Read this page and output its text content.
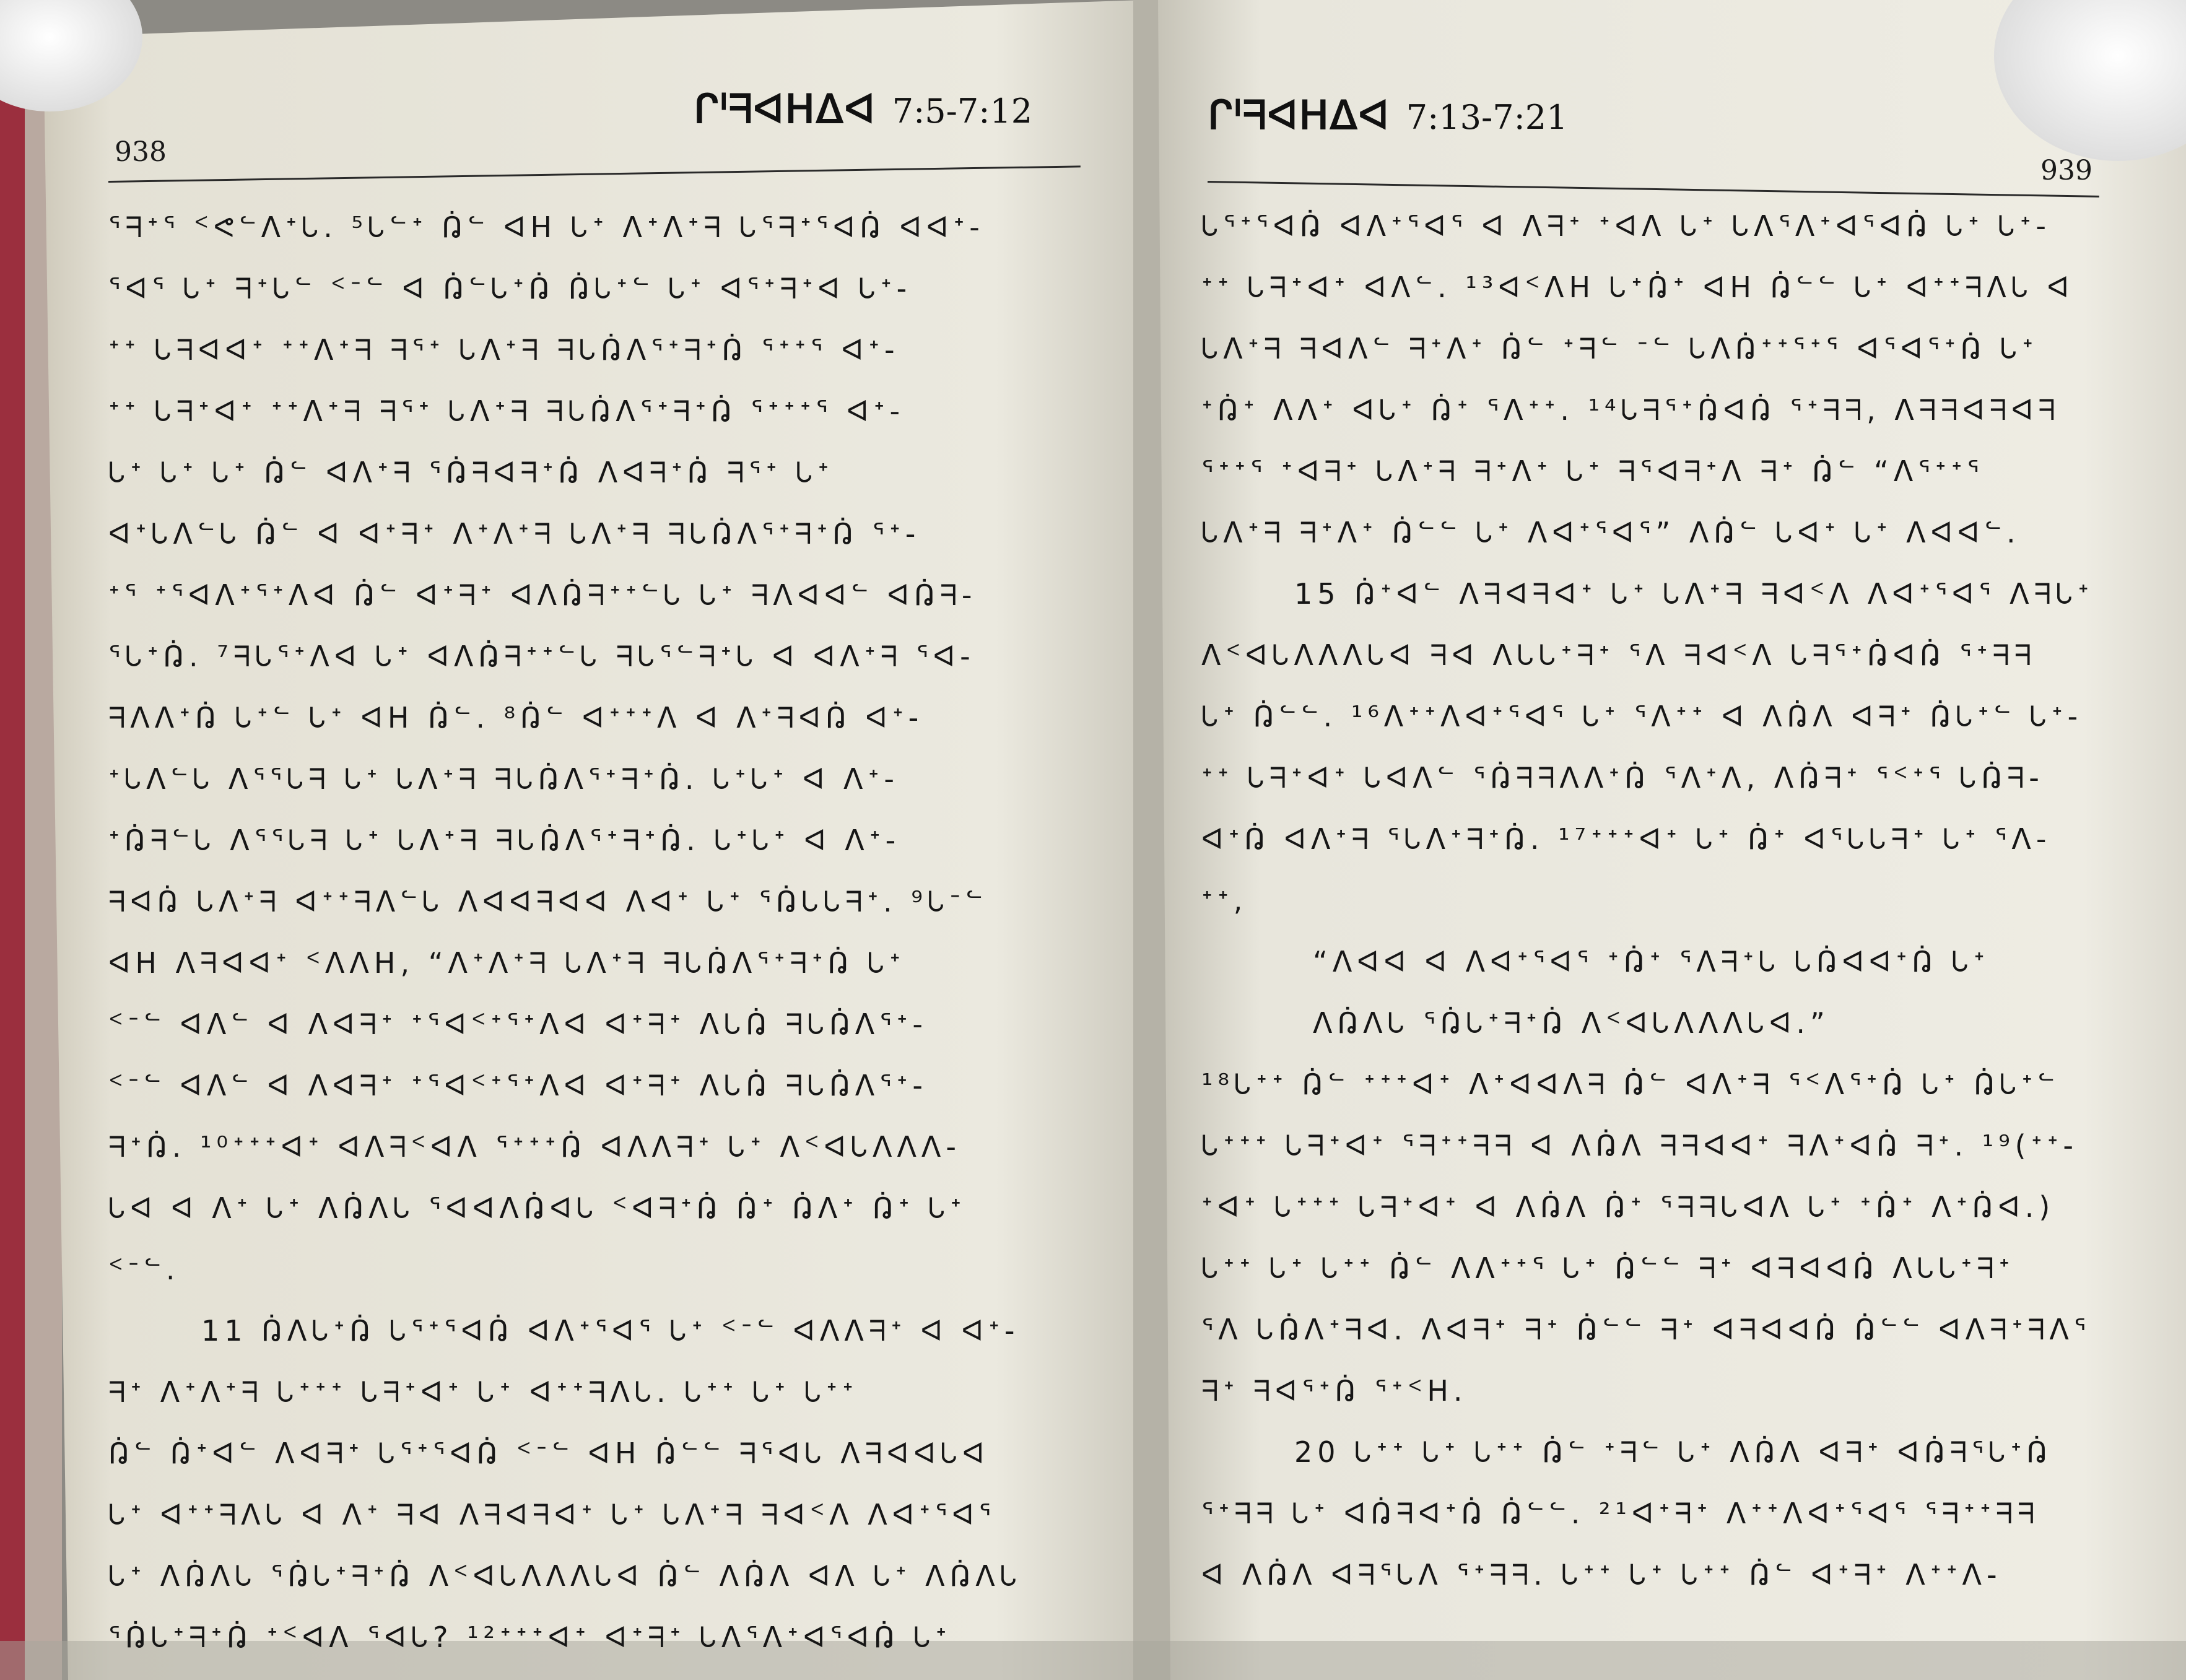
ᒋᑊᖷᐊᕼᐃᐊ 7:5-7:12
938
ᒋᑊᖷᐊᕼᐃᐊ 7:13-7:21
939
ᕐᖷᐩᕐ ᑉᕙᓪᐱᐩᘂ. ⁵ᘂᓪᐩ ᕣᓪ ᐊᕼ ᘂᐩ ᐱᐩᐱᐩᖷ ᘂᕐᖷᐩᕐᐊᕣ ᐊᐊᐩ-
ᕐᐊᕐ ᘂᐩ ᖷᐩᘂᓪ ᑉᐨᓪ ᐊ ᕣᓪᘂᐩᕣ ᕣᘂᐩᓪ ᘂᐩ ᐊᕐᐩᖷᐩᐊ ᘂᐩ-
ᐩᐩ ᘂᖷᐊᐊᐩ ᐩᐩᐱᐩᖷ ᖷᕐᐩ ᘂᐱᐩᖷ ᖷᘂᕣᐱᕐᐩᖷᐩᕣ ᕐᐩᐩᕐ ᐊᐩ-
ᐩᐩ ᘂᖷᐩᐊᐩ ᐩᐩᐱᐩᖷ ᖷᕐᐩ ᘂᐱᐩᖷ ᖷᘂᕣᐱᕐᐩᖷᐩᕣ ᕐᐩᐩᐩᕐ ᐊᐩ-
ᘂᐩ ᘂᐩ ᘂᐩ ᕣᓪ ᐊᐱᐩᖷ ᕐᕣᖷᐊᖷᐩᕣ ᐱᐊᖷᐩᕣ ᖷᕐᐩ ᘂᐩ
ᐊᐩᘂᐱᓪᘂ ᕣᓪ ᐊ ᐊᐩᖷᐩ ᐱᐩᐱᐩᖷ ᘂᐱᐩᖷ ᖷᘂᕣᐱᕐᐩᖷᐩᕣ ᕐᐩ-
ᐩᕐ ᐩᕐᐊᐱᐩᕐᐩᐱᐊ ᕣᓪ ᐊᐩᖷᐩ ᐊᐱᕣᖷᐩᐩᓪᘂ ᘂᐩ ᖷᐱᐊᐊᓪ ᐊᕣᖷ-
ᕐᘂᐩᕣ. ⁷ᖷᘂᕐᐩᐱᐊ ᘂᐩ ᐊᐱᕣᖷᐩᐩᓪᘂ ᖷᘂᕐᓪᖷᐩᘂ ᐊ ᐊᐱᐩᖷ ᕐᐊ-
ᖷᐱᐱᐩᕣ ᘂᐩᓪ ᘂᐩ ᐊᕼ ᕣᓪ. ⁸ᕣᓪ ᐊᐩᐩᐩᐱ ᐊ ᐱᐩᖷᐊᕣ ᐊᐩ-
ᐩᘂᐱᓪᘂ ᐱᕐᕐᘂᖷ ᘂᐩ ᘂᐱᐩᖷ ᖷᘂᕣᐱᕐᐩᖷᐩᕣ. ᘂᐩᘂᐩ ᐊ ᐱᐩ-
ᐩᕣᖷᓪᘂ ᐱᕐᕐᘂᖷ ᘂᐩ ᘂᐱᐩᖷ ᖷᘂᕣᐱᕐᐩᖷᐩᕣ. ᘂᐩᘂᐩ ᐊ ᐱᐩ-
ᖷᐊᕣ ᘂᐱᐩᖷ ᐊᐩᐩᖷᐱᓪᘂ ᐱᐊᐊᖷᐊᐊ ᐱᐊᐩ ᘂᐩ ᕐᕣᘂᘂᖷᐩ. ⁹ᘂᐨᓪ
ᐊᕼ ᐱᖷᐊᐊᐩ ᑉᐱᐱᕼ, “ᐱᐩᐱᐩᖷ ᘂᐱᐩᖷ ᖷᘂᕣᐱᕐᐩᖷᐩᕣ ᘂᐩ
ᑉᐨᓪ ᐊᐱᓪ ᐊ ᐱᐊᖷᐩ ᐩᕐᐊᑉᐩᕐᐩᐱᐊ ᐊᐩᖷᐩ ᐱᘂᕣ ᖷᘂᕣᐱᕐᐩ-
ᑉᐨᓪ ᐊᐱᓪ ᐊ ᐱᐊᖷᐩ ᐩᕐᐊᑉᐩᕐᐩᐱᐊ ᐊᐩᖷᐩ ᐱᘂᕣ ᖷᘂᕣᐱᕐᐩ-
ᖷᐩᕣ. ¹⁰ᐩᐩᐩᐊᐩ ᐊᐱᖷᑉᐊᐱ ᕐᐩᐩᐩᕣ ᐊᐱᐱᖷᐩ ᘂᐩ ᐱᑉᐊᘂᐱᐱᐱ-
ᘂᐊ ᐊ ᐱᐩ ᘂᐩ ᐱᕣᐱᘂ ᕐᐊᐊᐱᕣᐊᘂ ᑉᐊᖷᐩᕣ ᕣᐩ ᕣᐱᐩ ᕣᐩ ᘂᐩ
ᑉᐨᓪ.
11 ᕣᐱᘂᐩᕣ ᘂᕐᐩᕐᐊᕣ ᐊᐱᐩᕐᐊᕐ ᘂᐩ ᑉᐨᓪ ᐊᐱᐱᖷᐩ ᐊ ᐊᐩ-
ᖷᐩ ᐱᐩᐱᐩᖷ ᘂᐩᐩᐩ ᘂᖷᐩᐊᐩ ᘂᐩ ᐊᐩᐩᖷᐱᘂ. ᘂᐩᐩ ᘂᐩ ᘂᐩᐩ
ᕣᓪ ᕣᐩᐊᓪ ᐱᐊᖷᐩ ᘂᕐᐩᕐᐊᕣ ᑉᐨᓪ ᐊᕼ ᕣᓪᓪ ᖷᕐᐊᘂ ᐱᖷᐊᐊᘂᐊ
ᘂᐩ ᐊᐩᐩᖷᐱᘂ ᐊ ᐱᐩ ᖷᐊ ᐱᖷᐊᖷᐊᐩ ᘂᐩ ᘂᐱᐩᖷ ᖷᐊᑉᐱ ᐱᐊᐩᕐᐊᕐ
ᘂᐩ ᐱᕣᐱᘂ ᕐᕣᘂᐩᖷᐩᕣ ᐱᑉᐊᘂᐱᐱᐱᘂᐊ ᕣᓪ ᐱᕣᐱ ᐊᐱ ᘂᐩ ᐱᕣᐱᘂ
ᕐᕣᘂᐩᖷᐩᕣ ᐩᑉᐊᐱ ᕐᐊᘂ? ¹²ᐩᐩᐩᐊᐩ ᐊᐩᖷᐩ ᘂᐱᕐᐱᐩᐊᕐᐊᕣ ᘂᐩ
ᘂᕐᐩᕐᐊᕣ ᐊᐱᐩᕐᐊᕐ ᐊ ᐱᖷᐩ ᐩᐊᐱ ᘂᐩ ᘂᐱᕐᐱᐩᐊᕐᐊᕣ ᘂᐩ ᘂᐩ-
ᐩᐩ ᘂᖷᐩᐊᐩ ᐊᐱᓪ. ¹³ᐊᑉᐱᕼ ᘂᐩᕣᐩ ᐊᕼ ᕣᓪᓪ ᘂᐩ ᐊᐩᐩᖷᐱᘂ ᐊ
ᘂᐱᐩᖷ ᖷᐊᐱᓪ ᖷᐩᐱᐩ ᕣᓪ ᐩᖷᓪ ᐨᓪ ᘂᐱᕣᐩᐩᕐᐩᕐ ᐊᕐᐊᕐᐩᕣ ᘂᐩ
ᐩᕣᐩ ᐱᐱᐩ ᐊᘂᐩ ᕣᐩ ᕐᐱᐩᐩ. ¹⁴ᘂᖷᕐᐩᕣᐊᕣ ᕐᐩᖷᖷ, ᐱᖷᖷᐊᖷᐊᖷ
ᕐᐩᐩᕐ ᐩᐊᖷᐩ ᘂᐱᐩᖷ ᖷᐩᐱᐩ ᘂᐩ ᖷᕐᐊᖷᐩᐱ ᖷᐩ ᕣᓪ “ᐱᕐᐩᐩᕐ
ᘂᐱᐩᖷ ᖷᐩᐱᐩ ᕣᓪᓪ ᘂᐩ ᐱᐊᐩᕐᐊᕐ” ᐱᕣᓪ ᘂᐊᐩ ᘂᐩ ᐱᐊᐊᓪ.
15 ᕣᐩᐊᓪ ᐱᖷᐊᖷᐊᐩ ᘂᐩ ᘂᐱᐩᖷ ᖷᐊᑉᐱ ᐱᐊᐩᕐᐊᕐ ᐱᖷᘂᐩ
ᐱᑉᐊᘂᐱᐱᐱᘂᐊ ᖷᐊ ᐱᘂᘂᐩᖷᐩ ᕐᐱ ᖷᐊᑉᐱ ᘂᖷᕐᐩᕣᐊᕣ ᕐᐩᖷᖷ
ᘂᐩ ᕣᓪᓪ. ¹⁶ᐱᐩᐩᐱᐊᐩᕐᐊᕐ ᘂᐩ ᕐᐱᐩᐩ ᐊ ᐱᕣᐱ ᐊᖷᐩ ᕣᘂᐩᓪ ᘂᐩ-
ᐩᐩ ᘂᖷᐩᐊᐩ ᘂᐊᐱᓪ ᕐᕣᖷᖷᐱᐱᐩᕣ ᕐᐱᐩᐱ, ᐱᕣᖷᐩ ᕐᑉᐩᕐ ᘂᕣᖷ-
ᐊᐩᕣ ᐊᐱᐩᖷ ᕐᘂᐱᐩᖷᐩᕣ. ¹⁷ᐩᐩᐩᐊᐩ ᘂᐩ ᕣᐩ ᐊᕐᘂᘂᖷᐩ ᘂᐩ ᕐᐱ-
ᐩᐩ,
“ᐱᐊᐊ ᐊ ᐱᐊᐩᕐᐊᕐ ᐩᕣᐩ ᕐᐱᖷᐩᘂ ᘂᕣᐊᐊᐩᕣ ᘂᐩ
ᐱᕣᐱᘂ ᕐᕣᘂᐩᖷᐩᕣ ᐱᑉᐊᘂᐱᐱᐱᘂᐊ.”
¹⁸ᘂᐩᐩ ᕣᓪ ᐩᐩᐩᐊᐩ ᐱᐩᐊᐊᐱᖷ ᕣᓪ ᐊᐱᐩᖷ ᕐᑉᐱᕐᐩᕣ ᘂᐩ ᕣᘂᐩᓪ
ᘂᐩᐩᐩ ᘂᖷᐩᐊᐩ ᕐᖷᐩᐩᖷᖷ ᐊ ᐱᕣᐱ ᖷᖷᐊᐊᐩ ᖷᐱᐩᐊᕣ ᖷᐩ. ¹⁹(ᐩᐩ-
ᐩᐊᐩ ᘂᐩᐩᐩ ᘂᖷᐩᐊᐩ ᐊ ᐱᕣᐱ ᕣᐩ ᕐᖷᖷᘂᐊᐱ ᘂᐩ ᐩᕣᐩ ᐱᐩᕣᐊ.)
ᘂᐩᐩ ᘂᐩ ᘂᐩᐩ ᕣᓪ ᐱᐱᐩᐩᕐ ᘂᐩ ᕣᓪᓪ ᖷᐩ ᐊᖷᐊᐊᕣ ᐱᘂᘂᐩᖷᐩ
ᕐᐱ ᘂᕣᐱᐩᖷᐊ. ᐱᐊᖷᐩ ᖷᐩ ᕣᓪᓪ ᖷᐩ ᐊᖷᐊᐊᕣ ᕣᓪᓪ ᐊᐱᖷᐩᖷᐱᕐ
ᖷᐩ ᖷᐊᕐᐩᕣ ᕐᐩᑉᕼ.
20 ᘂᐩᐩ ᘂᐩ ᘂᐩᐩ ᕣᓪ ᐩᖷᓪ ᘂᐩ ᐱᕣᐱ ᐊᖷᐩ ᐊᕣᖷᕐᘂᐩᕣ
ᕐᐩᖷᖷ ᘂᐩ ᐊᕣᖷᐊᐩᕣ ᕣᓪᓪ. ²¹ᐊᐩᖷᐩ ᐱᐩᐩᐱᐊᐩᕐᐊᕐ ᕐᖷᐩᐩᖷᖷ
ᐊ ᐱᕣᐱ ᐊᖷᕐᘂᐱ ᕐᐩᖷᖷ. ᘂᐩᐩ ᘂᐩ ᘂᐩᐩ ᕣᓪ ᐊᐩᖷᐩ ᐱᐩᐩᐱ-
